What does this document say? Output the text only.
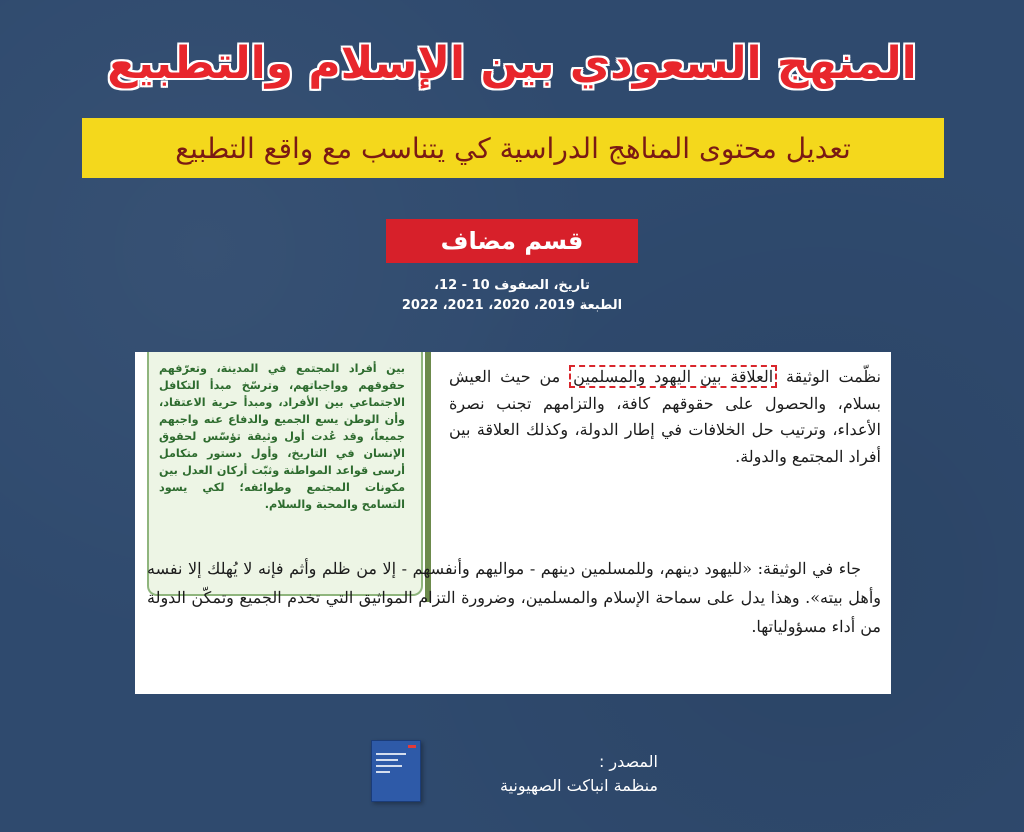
المنهج السعودي بين الإسلام والتطبيع
تعديل محتوى المناهج الدراسية كي يتناسب مع واقع التطبيع
قسم مضاف
تاريخ، الصفوف 10 - 12،
الطبعة 2019، 2020، 2021، 2022

بين أفراد المجتمع في المدينة، وتعرّفهم حقوقهم وواجباتهم، وترسّخ مبدأ التكافل الاجتماعي بين الأفراد، ومبدأ حرية الاعتقاد، وأن الوطن يسع الجميع والدفاع عنه واجبهم جميعاً، وقد عُدت أول وثيقة تؤسّس لحقوق الإنسان في التاريخ، وأول دستور متكامل أرسى قواعد المواطنة وثبّت أركان العدل بين مكونات المجتمع وطوائفه؛ لكي يسود التسامح والمحبة والسلام.

نظّمت الوثيقة العلاقة بين اليهود والمسلمين من حيث العيش بسلام، والحصول على حقوقهم كافة، والتزامهم تجنب نصرة الأعداء، وترتيب حل الخلافات في إطار الدولة، وكذلك العلاقة بين أفراد المجتمع والدولة.

جاء في الوثيقة: «لليهود دينهم، وللمسلمين دينهم - مواليهم وأنفسهم - إلا من ظلم وأثم فإنه لا يُهلك إلا نفسه وأهل بيته». وهذا يدل على سماحة الإسلام والمسلمين، وضرورة التزام المواثيق التي تخدم الجميع وتمكّن الدولة من أداء مسؤولياتها.

المصدر :
منظمة انباكت الصهيونية
